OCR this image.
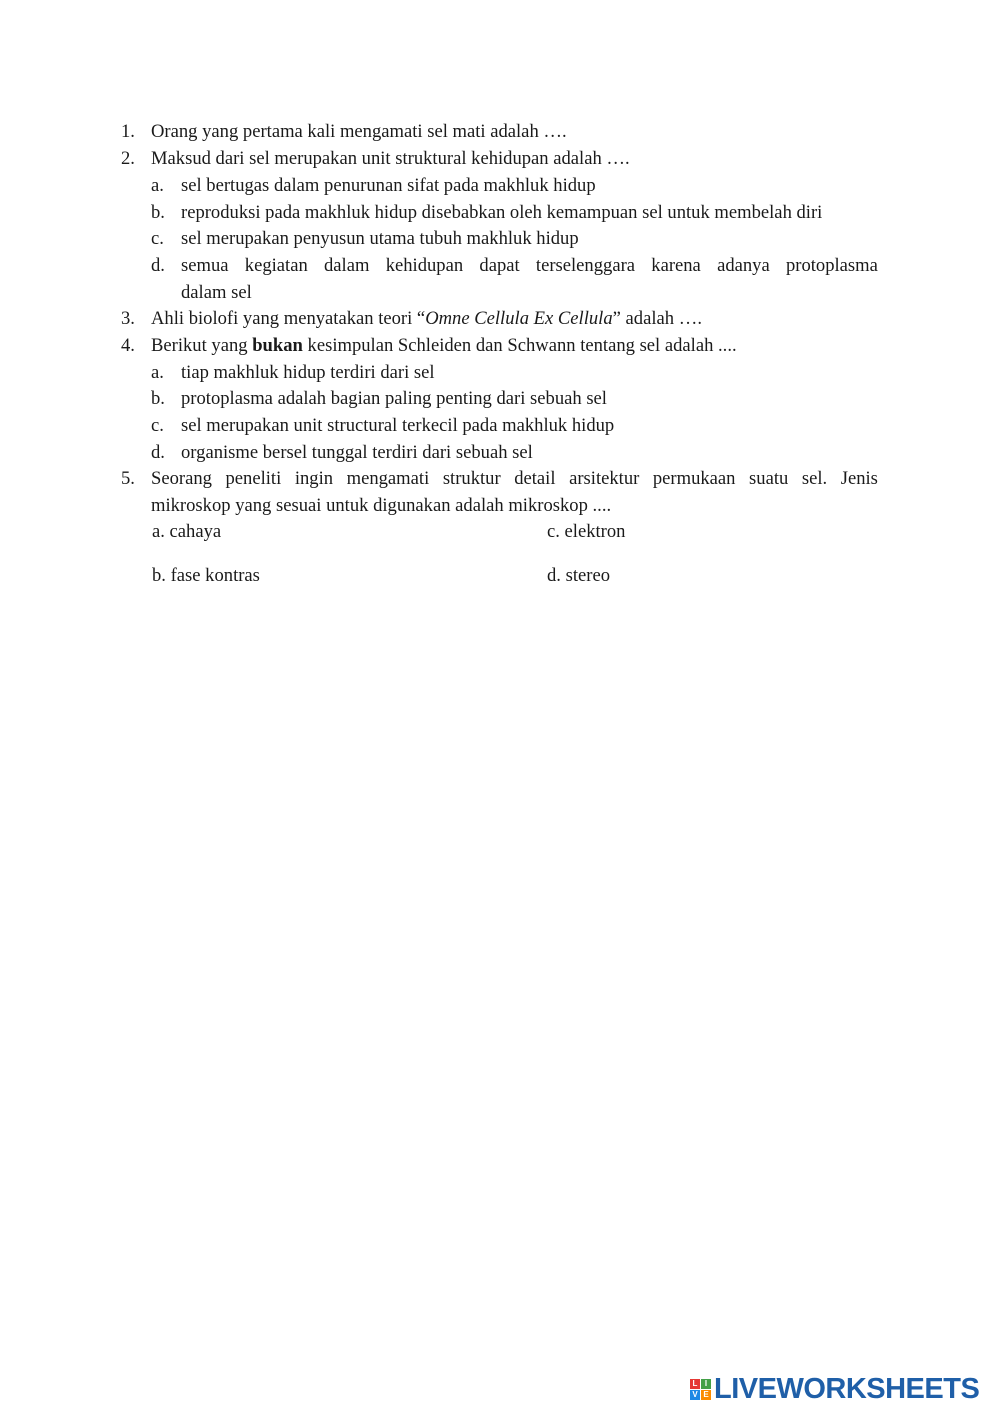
1. Orang yang pertama kali mengamati sel mati adalah ….
2. Maksud dari sel merupakan unit struktural kehidupan adalah ….
a. sel bertugas dalam penurunan sifat pada makhluk hidup
b. reproduksi pada makhluk hidup disebabkan oleh kemampuan sel untuk membelah diri
c. sel merupakan penyusun utama tubuh makhluk hidup
d. semua kegiatan dalam kehidupan dapat terselenggara karena adanya protoplasma
dalam sel
3. Ahli biolofi yang menyatakan teori “Omne Cellula Ex Cellula” adalah ….
4. Berikut yang bukan kesimpulan Schleiden dan Schwann tentang sel adalah ....
a. tiap makhluk hidup terdiri dari sel
b. protoplasma adalah bagian paling penting dari sebuah sel
c. sel merupakan unit structural terkecil pada makhluk hidup
d. organisme bersel tunggal terdiri dari sebuah sel
5. Seorang peneliti ingin mengamati struktur detail arsitektur permukaan suatu sel. Jenis
mikroskop yang sesuai untuk digunakan adalah mikroskop ....
a. cahaya	c. elektron
b. fase kontras	d. stereo
L I
V E LIVEWORKSHEETS
